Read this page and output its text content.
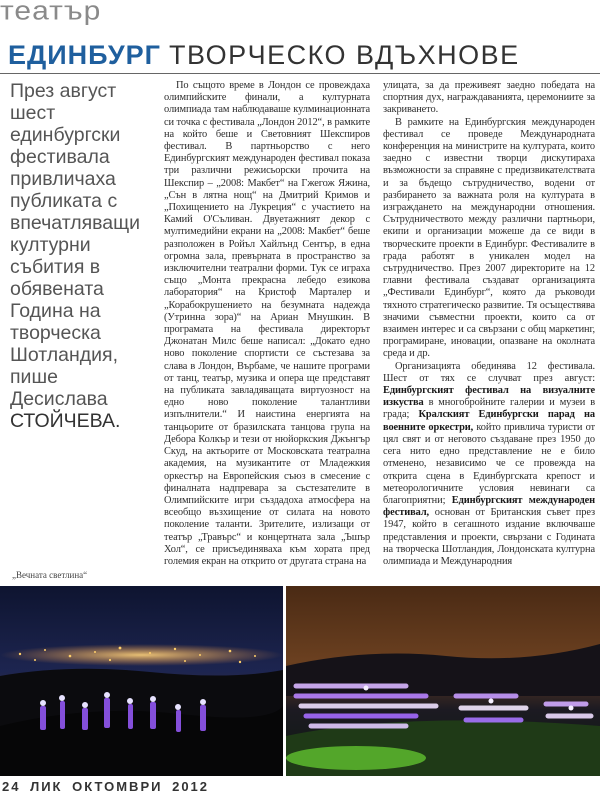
театър
ЕДИНБУРГ ТВОРЧЕСКО ВДЪХНОВЕ
През август шест единбургски фестивала привличаха публиката с впечатляващи културни събития в обявената Година на творческа Шотландия, пише Десислава СТОЙЧЕВА.

По същото време в Лондон се провеждаха олимпийските финали, а културната олимпиада там наблюдаваше кулминационната си точка с фестивала „Лондон 2012“, в рамките на който беше и Световният Шекспиров фестивал. В партньорство с него Единбургският международен фестивал показа три различни режисьорски прочита на Шекспир – „2008: Макбет“ на Гжегож Яжина, „Сън в лятна нощ“ на Дмитрий Кримов и „Похищението на Лукреция“ с участието на Камий О'Съливан. Двуетажният декор с мултимедийни екрани на „2008: Макбет“ беше разположен в Ройъл Хайлънд Сентър, в една огромна зала, превърната в пространство за изключителни театрални форми. Тук се играха също „Монта прекрасна лебедо езикова лаборатория“ на Кристоф Марталер и „Корабокрушението на безумната надежда (Утринна зора)“ на Ариан Мнушкин. В програмата на фестивала директорът Джонатан Милс беше написал: „Докато едно ново поколение спортисти се състезава за слава в Лондон, Върбаме, че нашите програми от танц, театър, музика и опера ще представят на публиката завладяващата виртуозност на едно ново поколение талантливи изпълнители.“ И наистина енергията на танцьорите от бразилската танцова група на Дебора Колкър и тези от нюйоркския Джънгър Скуд, на актьорите от Московската театрална академия, на музикантите от Младежкия оркестър на Европейския съюз в смесение с финалната надпревара за състезателите в Олимпийските игри създадоха атмосфера на всеобщо възхищение от силата на новото поколение таланти. Зрителите, излизащи от театър „Травърс“ и концертната зала „Ъшър Хол“, се присъединяваха към хората пред големия екран на открито от другата страна на

улицата, за да преживеят заедно победата на спортния дух, награждаванията, церемониите за закриването.

В рамките на Единбургския международен фестивал се проведе Международната конференция на министрите на културата, които заедно с известни творци дискутираха възможности за справяне с предизвикателствата и за бъдещо сътрудничество, водени от разбирането за важната роля на културата в изграждането на международни отношения. Сътрудничеството между различни партньори, екипи и организации можеше да се види в творческите проекти в Единбург. Фестивалите в града работят в уникален модел на сътрудничество. През 2007 директорите на 12 главни фестивала създават организацията „Фестивали Единбург“, която да ръководи тяхното стратегическо развитие. Тя осъществява значими съвместни проекти, които са от взаимен интерес и са свързани с общ маркетинг, програмиране, иновации, опазване на околната среда и др.

Организацията обединява 12 фестивала. Шест от тях се случват през август: Единбургският фестивал на визуалните изкуства в многобройните галерии и музеи в града; Кралският Единбургски парад на военните оркестри, който привлича туристи от цял свят и от неговото създаване през 1950 до сега нито едно представление не е било отменено, независимо че се провежда на открита сцена в Единбургската крепост и метеорологичните условия невинаги са благоприятни; Единбургският международен фестивал, основан от Британския съвет през 1947, който в сегашното издание включваше представления и проекти, свързани с Годината на творческа Шотландия, Лондонската културна олимпиада и Международния

„Вечната светлина“
24 ЛИК ОКТОМВРИ 2012
